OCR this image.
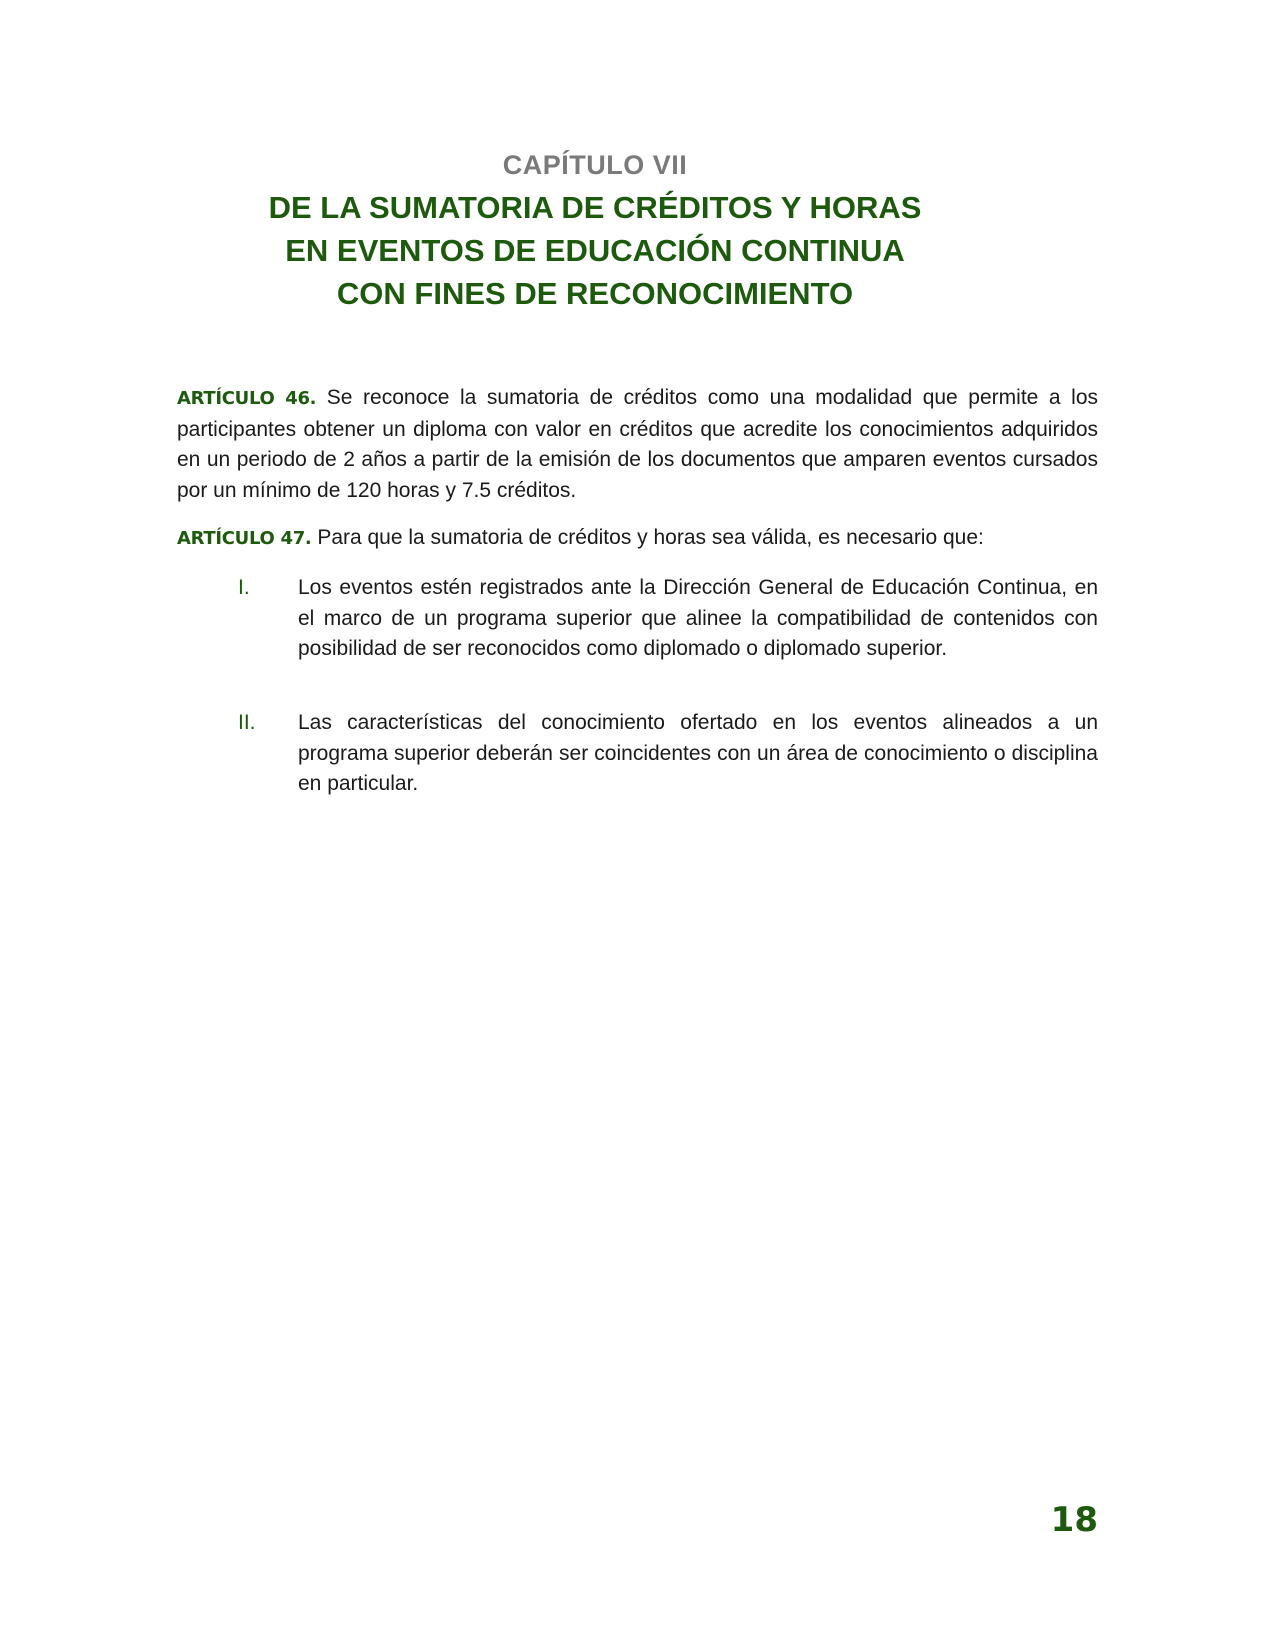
CAPÍTULO VII
DE LA SUMATORIA DE CRÉDITOS Y HORAS
EN EVENTOS DE EDUCACIÓN CONTINUA
CON FINES DE RECONOCIMIENTO
ARTÍCULO 46. Se reconoce la sumatoria de créditos como una modalidad que permite a los participantes obtener un diploma con valor en créditos que acredite los conocimientos adquiridos en un periodo de 2 años a partir de la emisión de los documentos que amparen eventos cursados por un mínimo de 120 horas y 7.5 créditos.
ARTÍCULO 47. Para que la sumatoria de créditos y horas sea válida, es necesario que:
I. Los eventos estén registrados ante la Dirección General de Educación Continua, en el marco de un programa superior que alinee la compatibilidad de contenidos con posibilidad de ser reconocidos como diplomado o diplomado superior.
II. Las características del conocimiento ofertado en los eventos alineados a un programa superior deberán ser coincidentes con un área de conocimiento o disciplina en particular.
18
